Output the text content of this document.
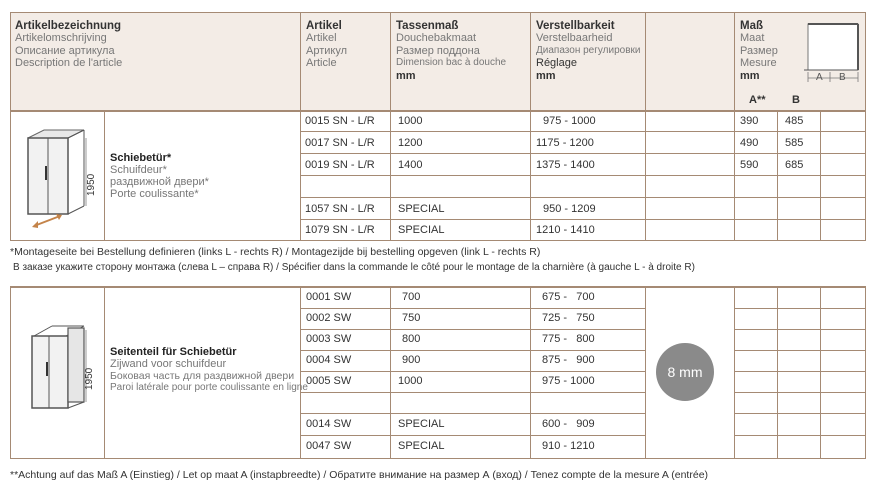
Artikelbezeichnung
Artikelomschrijving
Описание артикула
Description de l'article
Artikel
Artikel
Артикул
Article
Tassenmaß
Douchebakmaat
Размер поддона
Dimension bac à douche
mm
Verstellbarkeit
Verstelbaarheid
Диапазон регулировки
Réglage
mm
Maß
Maat
Размер
Mesure
mm
A** B
A B
1950
Schiebetür*
Schuifdeur*
раздвижной двери*
Porte coulissante*
0015 SN - L/R 1000	975 - 1000	390 485
0017 SN - L/R 1200	1175 - 1200	490 585
0019 SN - L/R 1400	1375 - 1400	590 685
1057 SN - L/R SPECIAL	950 - 1209
1079 SN - L/R SPECIAL	1210 - 1410
*Montageseite bei Bestellung definieren (links L - rechts R) / Montagezijde bij bestelling opgeven (link L - rechts R)
В заказе укажите сторону монтажа (слева L – справа R) / Spécifier dans la commande le côté pour le montage de la charnière (à gauche L - à droite R)
1950
Seitenteil für Schiebetür
Zijwand voor schuifdeur
Боковая часть для раздвижной двери
Paroi latérale pour porte coulissante en ligne
8 mm
0001 SW	700	675 -   700
0002 SW	750	725 -   750
0003 SW	800	775 -   800
0004 SW	900	875 -   900
0005 SW	1000	975 - 1000
0014 SW	SPECIAL	600 -   909
0047 SW	SPECIAL	910 - 1210
**Achtung auf das Maß A (Einstieg) / Let op maat A (instapbreedte) / Обратите внимание на размер А (вход) / Tenez compte de la mesure A (entrée)
